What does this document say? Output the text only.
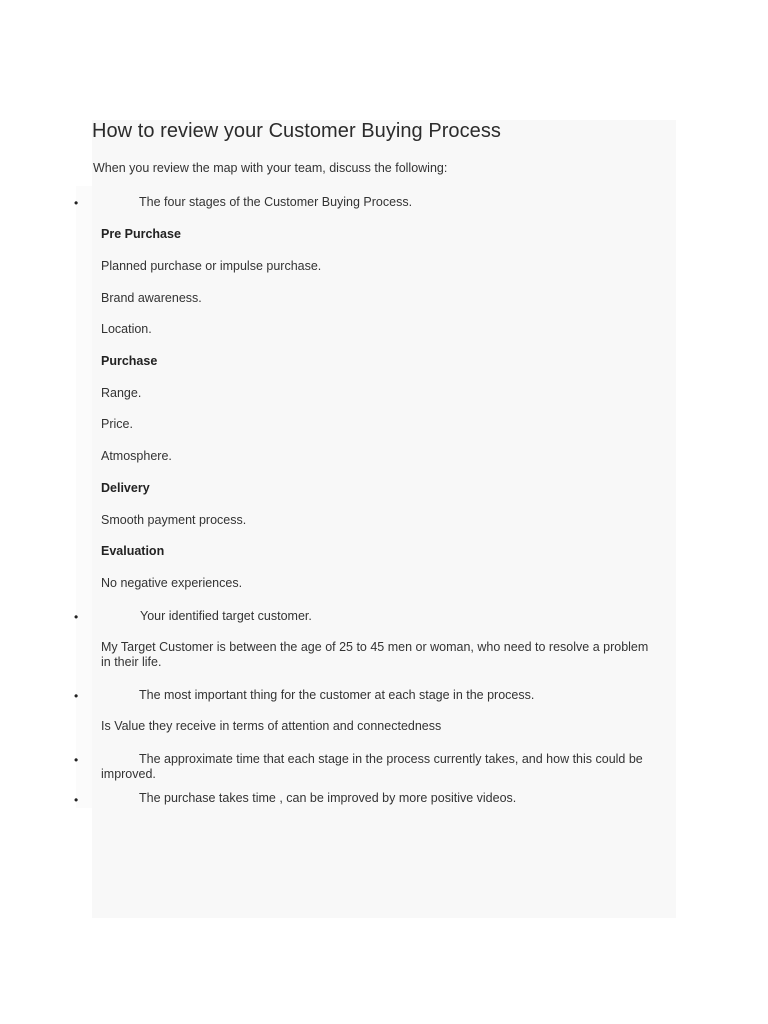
How to review your Customer Buying Process

When you review the map with your team, discuss the following:

•	The four stages of the Customer Buying Process.
Pre Purchase
Planned purchase or impulse purchase.
Brand awareness.
Location.
Purchase
Range.
Price.
Atmosphere.
Delivery
Smooth payment process.
Evaluation
No negative experiences.
•	Your identified target customer.
My Target Customer is between the age of 25 to 45 men or woman, who need to resolve a problem in their life.
•	The most important thing for the customer at each stage in the process.
Is Value they receive in terms of attention and connectedness
•	The approximate time that each stage in the process currently takes, and how this could be improved.
•	The purchase takes time , can be improved by more positive videos.
